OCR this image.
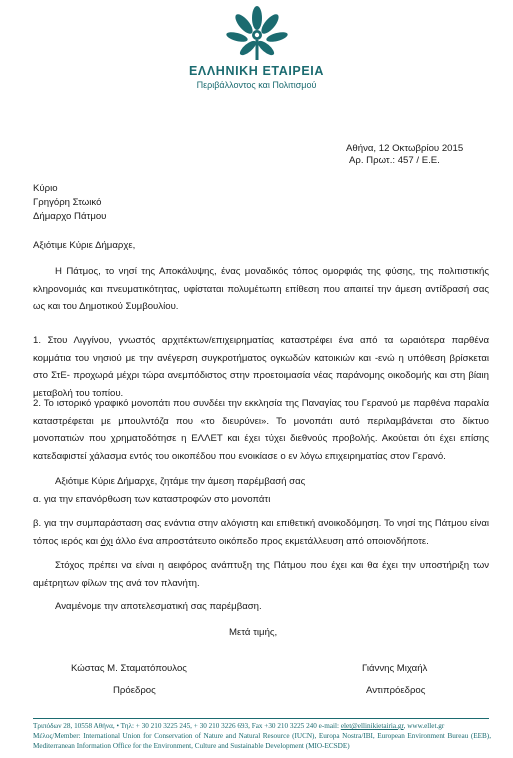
ΕΛΛΗΝΙΚΗ ΕΤΑΙΡΕΙΑ
Περιβάλλοντος και Πολιτισμού
Αθήνα, 12 Οκτωβρίου 2015
Αρ. Πρωτ.: 457 / Ε.Ε.
Κύριο
Γρηγόρη Στωικό
Δήμαρχο Πάτμου

Αξιότιμε Κύριε Δήμαρχε,

Η Πάτμος, το νησί της Αποκάλυψης, ένας μοναδικός τόπος ομορφιάς της φύσης, της πολιτιστικής κληρονομιάς και πνευματικότητας, υφίσταται πολυμέτωπη επίθεση που απαιτεί την άμεση αντίδρασή σας ως και του Δημοτικού Συμβουλίου.

1. Στου Λιγγίνου, γνωστός αρχιτέκτων/επιχειρηματίας καταστρέφει ένα από τα ωραιότερα παρθένα κομμάτια του νησιού με την ανέγερση συγκροτήματος ογκωδών κατοικιών και -ενώ η υπόθεση βρίσκεται στο ΣτΕ- προχωρά μέχρι τώρα ανεμπόδιστος στην προετοιμασία νέας παράνομης οικοδομής και στη βίαιη μεταβολή του τοπίου.

2. Το ιστορικό γραφικό μονοπάτι που συνδέει την εκκλησία της Παναγίας του Γερανού με παρθένα παραλία καταστρέφεται με μπουλντόζα που «το διευρύνει». Το μονοπάτι αυτό περιλαμβάνεται στο δίκτυο μονοπατιών που χρηματοδότησε η ΕΛΛΕΤ και έχει τύχει διεθνούς προβολής. Ακούεται ότι έχει επίσης κατεδαφιστεί χάλασμα εντός του οικοπέδου που ενοικίασε ο εν λόγω επιχειρηματίας στον Γερανό.

Αξιότιμε Κύριε Δήμαρχε, ζητάμε την άμεση παρέμβασή σας

α. για την επανόρθωση των καταστροφών στο μονοπάτι

β. για την συμπαράσταση σας ενάντια στην αλόγιστη και επιθετική ανοικοδόμηση. Το νησί της Πάτμου είναι τόπος ιερός και όχι άλλο ένα απροστάτευτο οικόπεδο προς εκμετάλλευση από οποιονδήποτε.

Στόχος πρέπει να είναι η αειφόρος ανάπτυξη της Πάτμου που έχει και θα έχει την υποστήριξη των αμέτρητων φίλων της ανά τον πλανήτη.

Αναμένομε την αποτελεσματική σας παρέμβαση.

Μετά τιμής,
Κώστας Μ. Σταματόπουλος
Πρόεδρος
Γιάννης Μιχαήλ
Αντιπρόεδρος
Τριπόδων 28, 10558 Αθήνα, • Τηλ: + 30 210 3225 245, + 30 210 3226 693, Fax +30 210 3225 240 e-mail: elet@ellinikietairia.gr, www.ellet.gr
Μέλος/Member: International Union for Conservation of Nature and Natural Resource (IUCN), Europa Nostra/IBI, European Environment Bureau (EEB), Mediterranean Information Office for the Environment, Culture and Sustainable Development (MIO-ECSDE)
